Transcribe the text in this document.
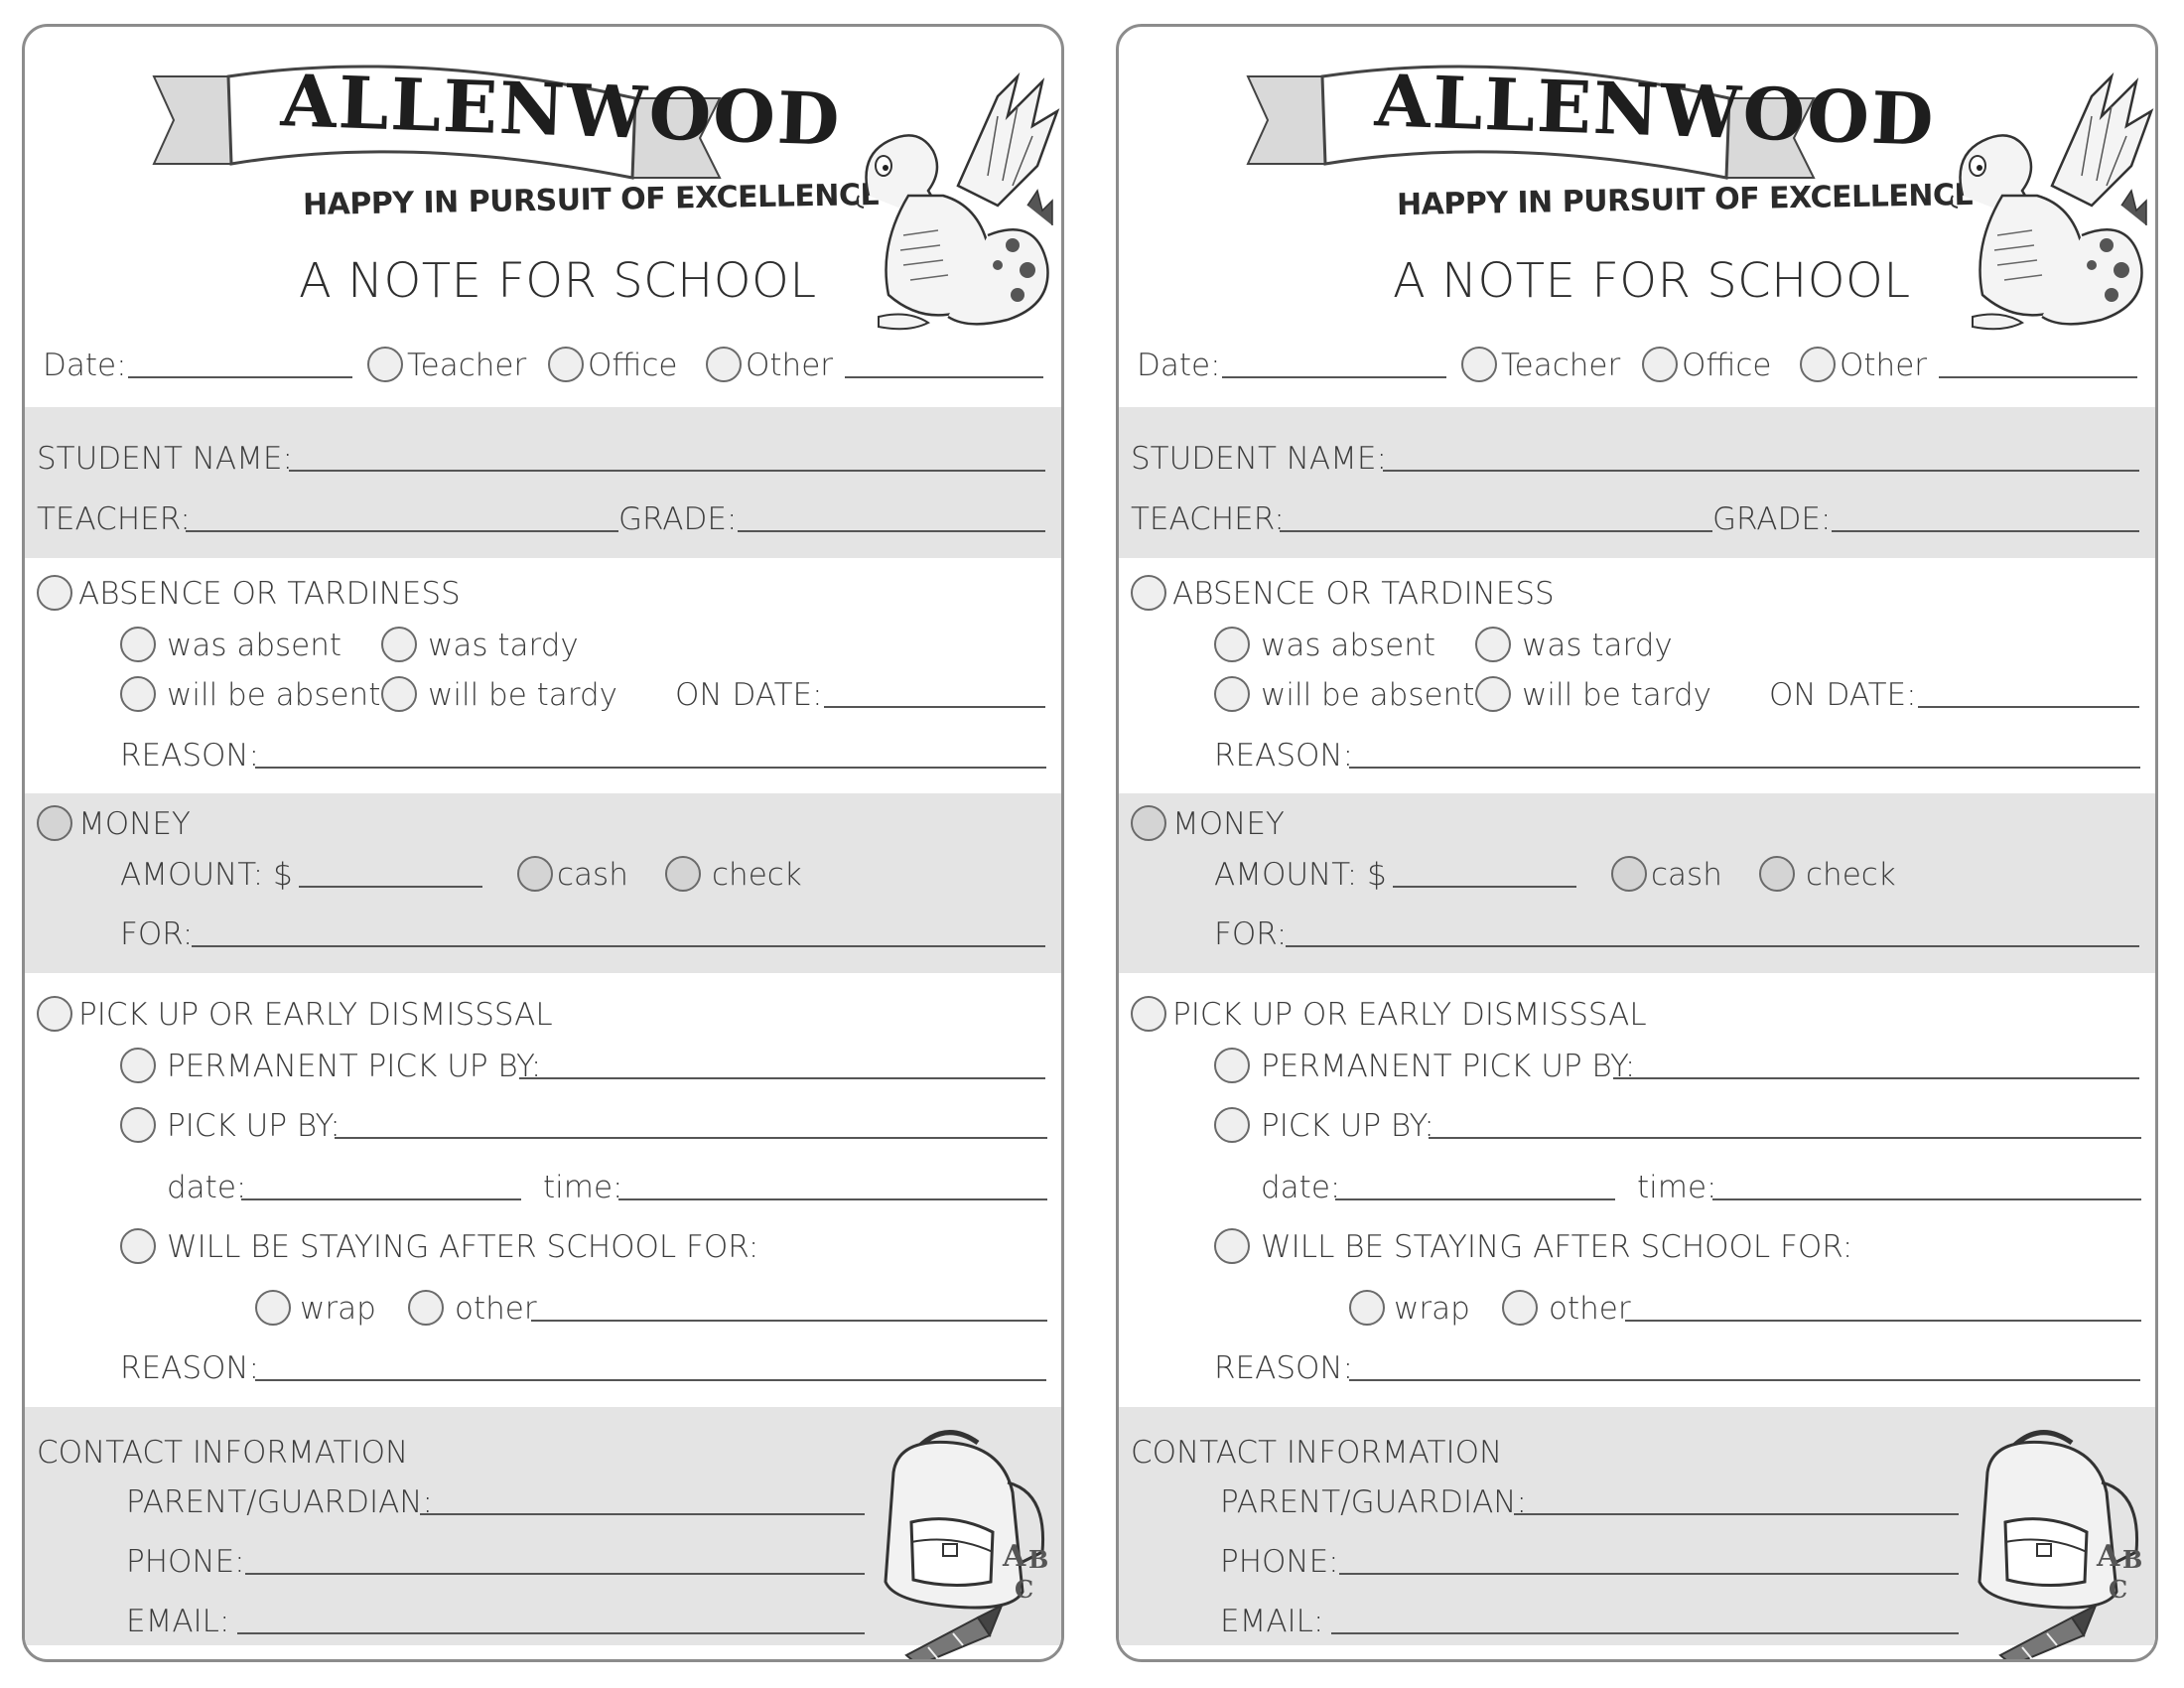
ALLENWOOD
HAPPY IN PURSUIT OF EXCELLENCE
A NOTE FOR SCHOOL
Date:	Teacher Office Other
STUDENT NAME:
TEACHER:	GRADE:
ABSENCE OR TARDINESS
was absent	was tardy
will be absent will be tardy ON DATE:
REASON:
MONEY
AMOUNT: $	cash	check
FOR:
PICK UP OR EARLY DISMISSSAL
PERMANENT PICK UP BY:
PICK UP BY:
date:	time:
WILL BE STAYING AFTER SCHOOL FOR:
wrap	other
REASON:
CONTACT INFORMATION
PARENT/GUARDIAN:
PHONE:
EMAIL:
A B
C
ALLENWOOD
HAPPY IN PURSUIT OF EXCELLENCE
A NOTE FOR SCHOOL
Date:	Teacher Office Other
STUDENT NAME:
TEACHER:	GRADE:
ABSENCE OR TARDINESS
was absent	was tardy
will be absent will be tardy ON DATE:
REASON:
MONEY
AMOUNT: $	cash	check
FOR:
PICK UP OR EARLY DISMISSSAL
PERMANENT PICK UP BY:
PICK UP BY:
date:	time:
WILL BE STAYING AFTER SCHOOL FOR:
wrap	other
REASON:
CONTACT INFORMATION
PARENT/GUARDIAN:
PHONE:
EMAIL:
A B
C
